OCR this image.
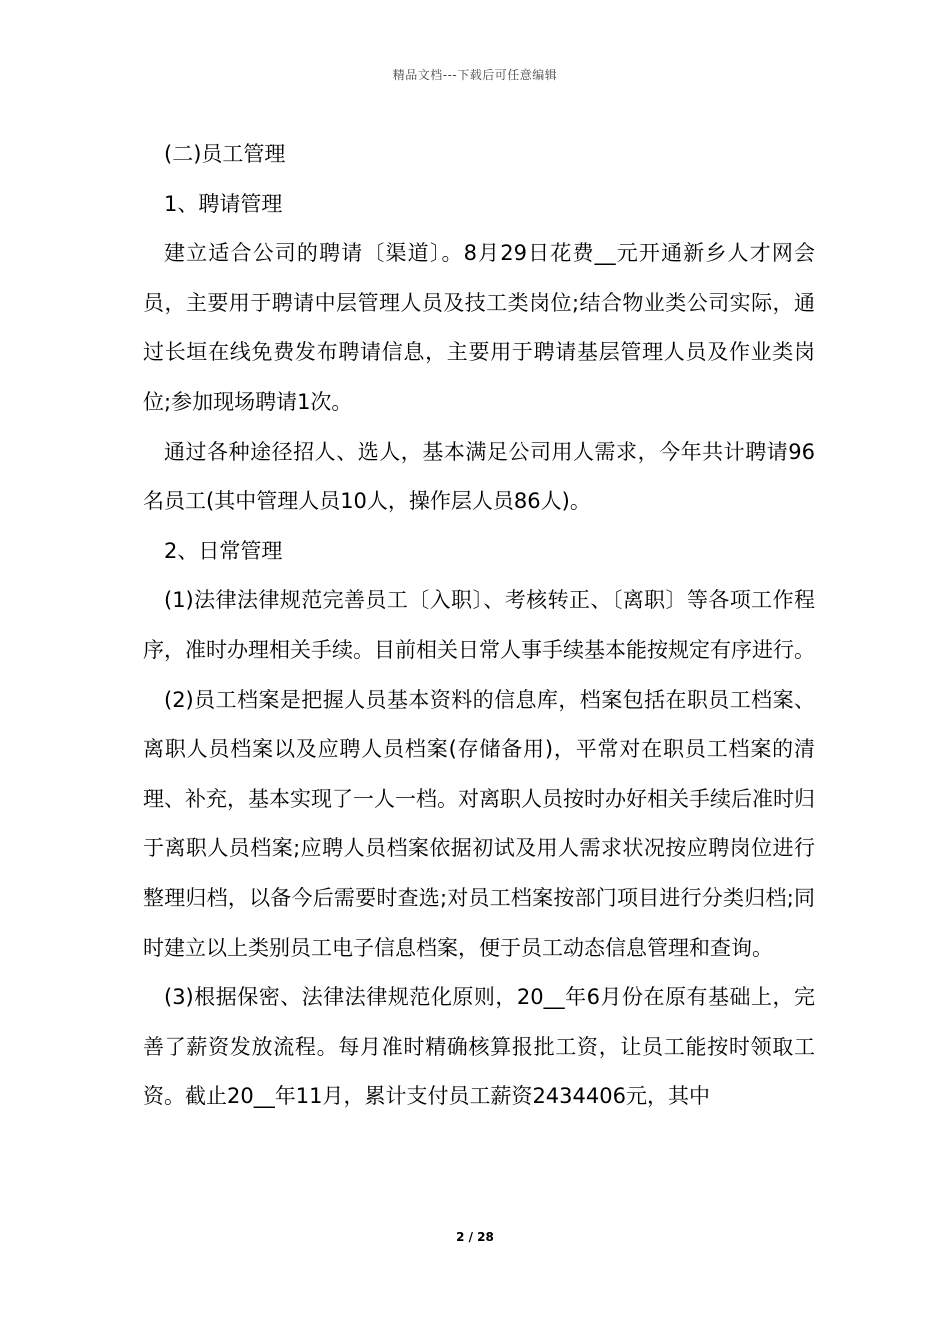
精品文档---下载后可任意编辑

(二)员工管理

1、聘请管理

建立适合公司的聘请〔渠道〕。8月29日花费__元开通新乡人才网会员，主要用于聘请中层管理人员及技工类岗位;结合物业类公司实际，通过长垣在线免费发布聘请信息，主要用于聘请基层管理人员及作业类岗位;参加现场聘请1次。

通过各种途径招人、选人，基本满足公司用人需求，今年共计聘请96名员工(其中管理人员10人，操作层人员86人)。

2、日常管理

(1)法律法律规范完善员工〔入职〕、考核转正、〔离职〕等各项工作程序，准时办理相关手续。目前相关日常人事手续基本能按规定有序进行。

(2)员工档案是把握人员基本资料的信息库，档案包括在职员工档案、离职人员档案以及应聘人员档案(存储备用)，平常对在职员工档案的清理、补充，基本实现了一人一档。对离职人员按时办好相关手续后准时归于离职人员档案;应聘人员档案依据初试及用人需求状况按应聘岗位进行整理归档，以备今后需要时查选;对员工档案按部门项目进行分类归档;同时建立以上类别员工电子信息档案，便于员工动态信息管理和查询。

(3)根据保密、法律法律规范化原则，20__年6月份在原有基础上，完善了薪资发放流程。每月准时精确核算报批工资，让员工能按时领取工资。截止20__年11月，累计支付员工薪资2434406元，其中

2 / 28
